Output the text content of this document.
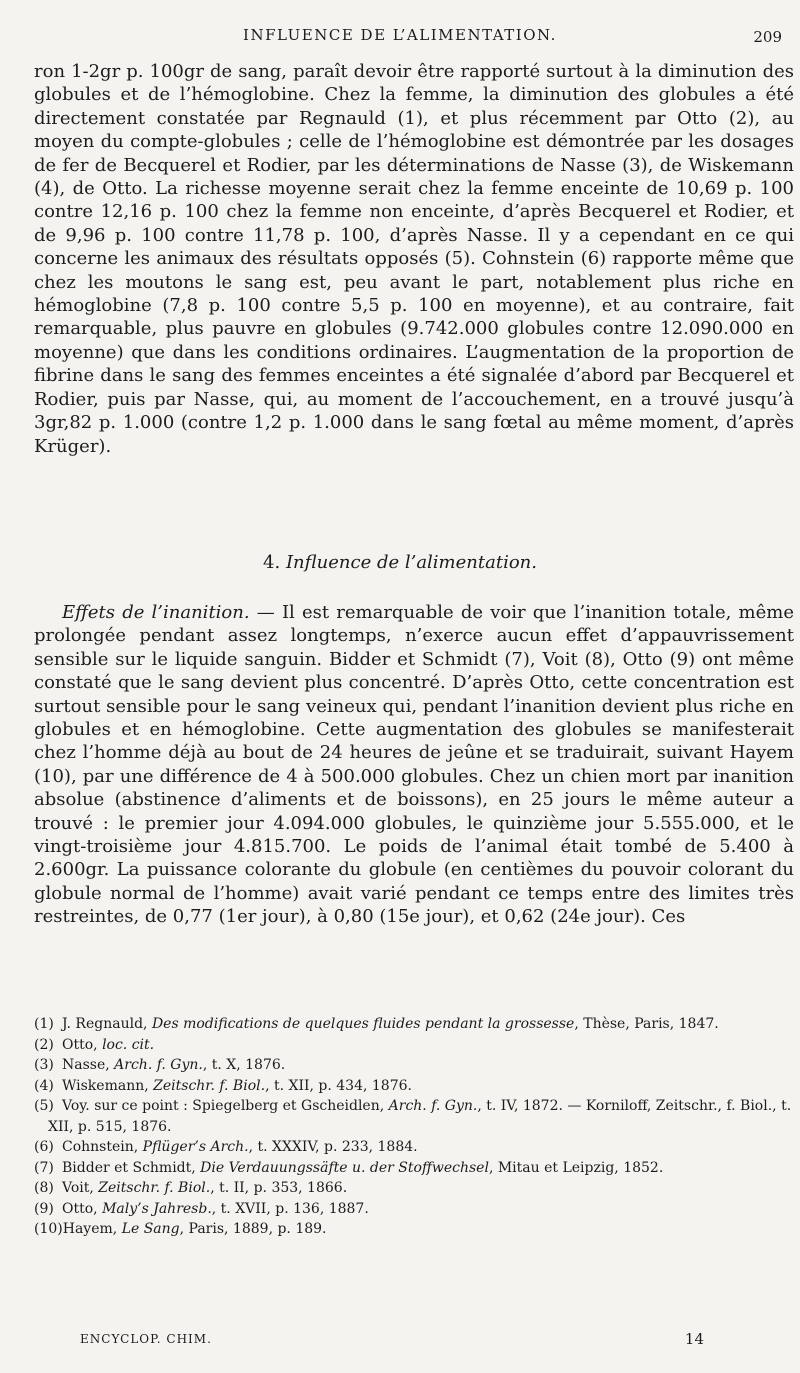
INFLUENCE DE L’ALIMENTATION.	209

ron 1-2gr p. 100gr de sang, paraît devoir être rapporté surtout à la diminution des globules et de l’hémoglobine. Chez la femme, la diminution des globules a été directement constatée par Regnauld (1), et plus récemment par Otto (2), au moyen du compte-globules ; celle de l’hémoglobine est démontrée par les dosages de fer de Becquerel et Rodier, par les déterminations de Nasse (3), de Wiskemann (4), de Otto. La richesse moyenne serait chez la femme enceinte de 10,69 p. 100 contre 12,16 p. 100 chez la femme non enceinte, d’après Becquerel et Rodier, et de 9,96 p. 100 contre 11,78 p. 100, d’après Nasse. Il y a cependant en ce qui concerne les animaux des résultats opposés (5). Cohnstein (6) rapporte même que chez les moutons le sang est, peu avant le part, notablement plus riche en hémoglobine (7,8 p. 100 contre 5,5 p. 100 en moyenne), et au contraire, fait remarquable, plus pauvre en globules (9.742.000 globules contre 12.090.000 en moyenne) que dans les conditions ordinaires. L’augmentation de la proportion de fibrine dans le sang des femmes enceintes a été signalée d’abord par Becquerel et Rodier, puis par Nasse, qui, au moment de l’accouchement, en a trouvé jusqu’à 3gr,82 p. 1.000 (contre 1,2 p. 1.000 dans le sang fœtal au même moment, d’après Krüger).

4. Influence de l’alimentation.

Effets de l’inanition. — Il est remarquable de voir que l’inanition totale, même prolongée pendant assez longtemps, n’exerce aucun effet d’appauvrissement sensible sur le liquide sanguin. Bidder et Schmidt (7), Voit (8), Otto (9) ont même constaté que le sang devient plus concentré. D’après Otto, cette concentration est surtout sensible pour le sang veineux qui, pendant l’inanition devient plus riche en globules et en hémoglobine. Cette augmentation des globules se manifesterait chez l’homme déjà au bout de 24 heures de jeûne et se traduirait, suivant Hayem (10), par une différence de 4 à 500.000 globules. Chez un chien mort par inanition absolue (abstinence d’aliments et de boissons), en 25 jours le même auteur a trouvé : le premier jour 4.094.000 globules, le quinzième jour 5.555.000, et le vingt-troisième jour 4.815.700. Le poids de l’animal était tombé de 5.400 à 2.600gr. La puissance colorante du globule (en centièmes du pouvoir colorant du globule normal de l’homme) avait varié pendant ce temps entre des limites très restreintes, de 0,77 (1er jour), à 0,80 (15e jour), et 0,62 (24e jour). Ces

(1) J. Regnauld, Des modifications de quelques fluides pendant la grossesse, Thèse, Paris, 1847.

(2) Otto, loc. cit.

(3) Nasse, Arch. f. Gyn., t. X, 1876.

(4) Wiskemann, Zeitschr. f. Biol., t. XII, p. 434, 1876.

(5) Voy. sur ce point : Spiegelberg et Gscheidlen, Arch. f. Gyn., t. IV, 1872. — Korniloff, Zeitschr., f. Biol., t. XII, p. 515, 1876.

(6) Cohnstein, Pflüger’s Arch., t. XXXIV, p. 233, 1884.

(7) Bidder et Schmidt, Die Verdauungssäfte u. der Stoffwechsel, Mitau et Leipzig, 1852.

(8) Voit, Zeitschr. f. Biol., t. II, p. 353, 1866.

(9) Otto, Maly’s Jahresb., t. XVII, p. 136, 1887.

(10)Hayem, Le Sang, Paris, 1889, p. 189.

ENCYCLOP. CHIM.	14
